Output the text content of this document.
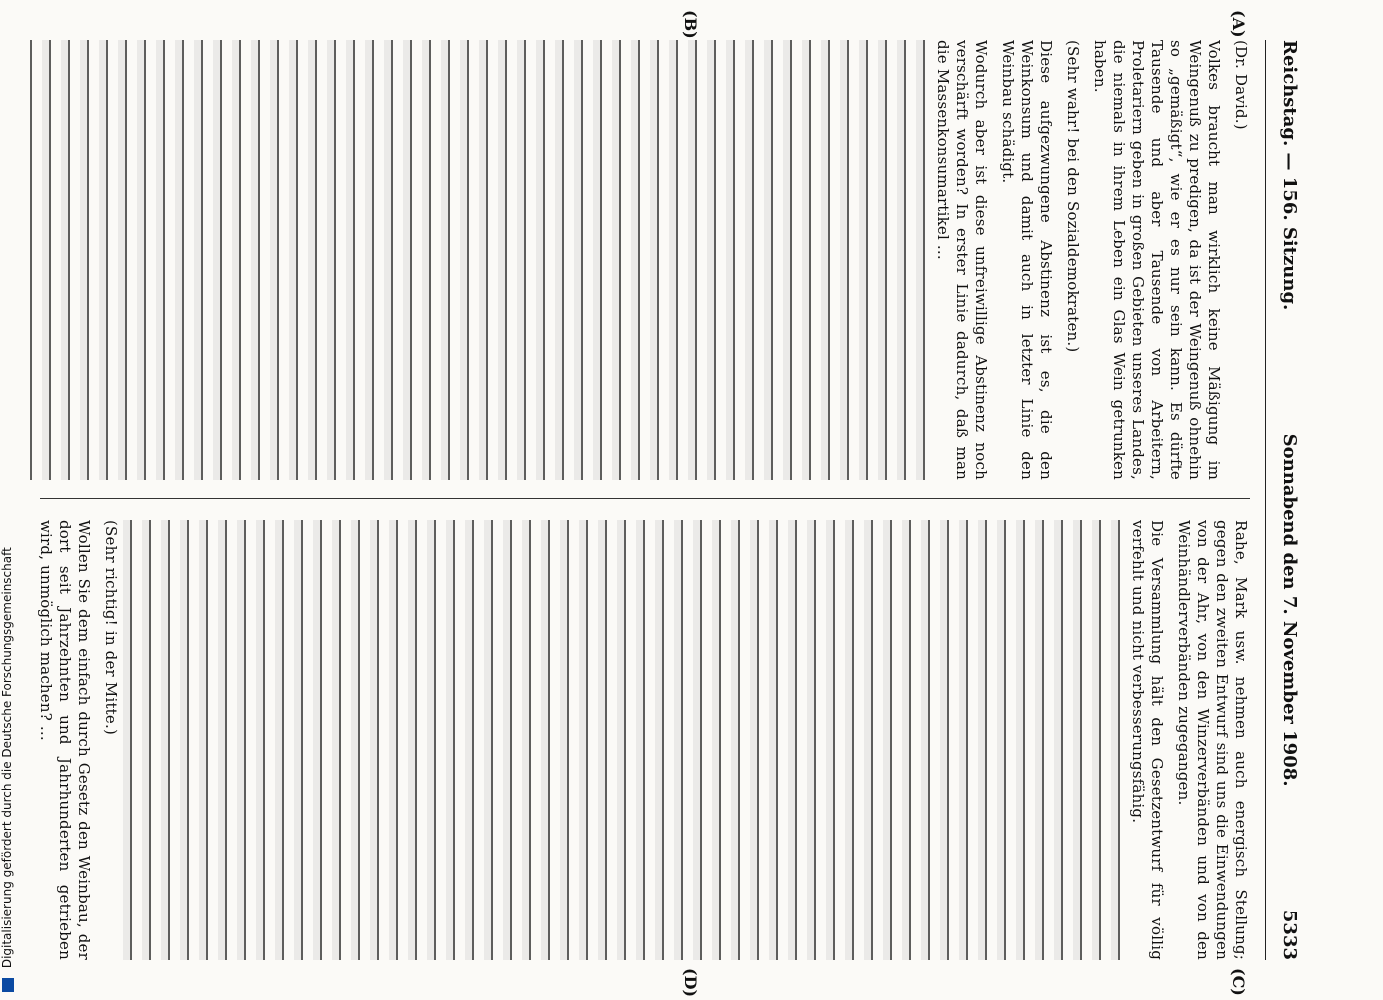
Digitalisierung gefördert durch die Deutsche Forschungsgemeinschaft
Reichstag. — 156. Sitzung.
Sonnabend den 7. November 1908.
5333
(A)
(B)
(C)
(D)

(Dr. David.)

Volkes braucht man wirklich keine Mäßigung im Weingenuß zu predigen, da ist der Weingenuß ohnehin so „gemäßigt“, wie er es nur sein kann. Es dürfte Tausende und aber Tausende von Arbeitern, Proletariern geben in großen Gebieten unseres Landes, die niemals in ihrem Leben ein Glas Wein getrunken haben.

(Sehr wahr! bei den Sozialdemokraten.)

Diese aufgezwungene Abstinenz ist es, die den Weinkonsum und damit auch in letzter Linie den Weinbau schädigt.

Wodurch aber ist diese unfreiwillige Abstinenz noch verschärft worden? In erster Linie dadurch, daß man die Massenkonsumartikel ...

Rahe, Mark usw. nehmen auch energisch Stellung; gegen den zweiten Entwurf sind uns die Einwendungen von der Ahr, von den Winzerverbänden und von den Weinhändlerverbänden zugegangen.

Die Versammlung hält den Gesetzentwurf für völlig verfehlt und nicht verbesserungsfähig.

(Sehr richtig! in der Mitte.)

Wollen Sie dem einfach durch Gesetz den Weinbau, der dort seit Jahrzehnten und Jahrhunderten getrieben wird, unmöglich machen? ...
